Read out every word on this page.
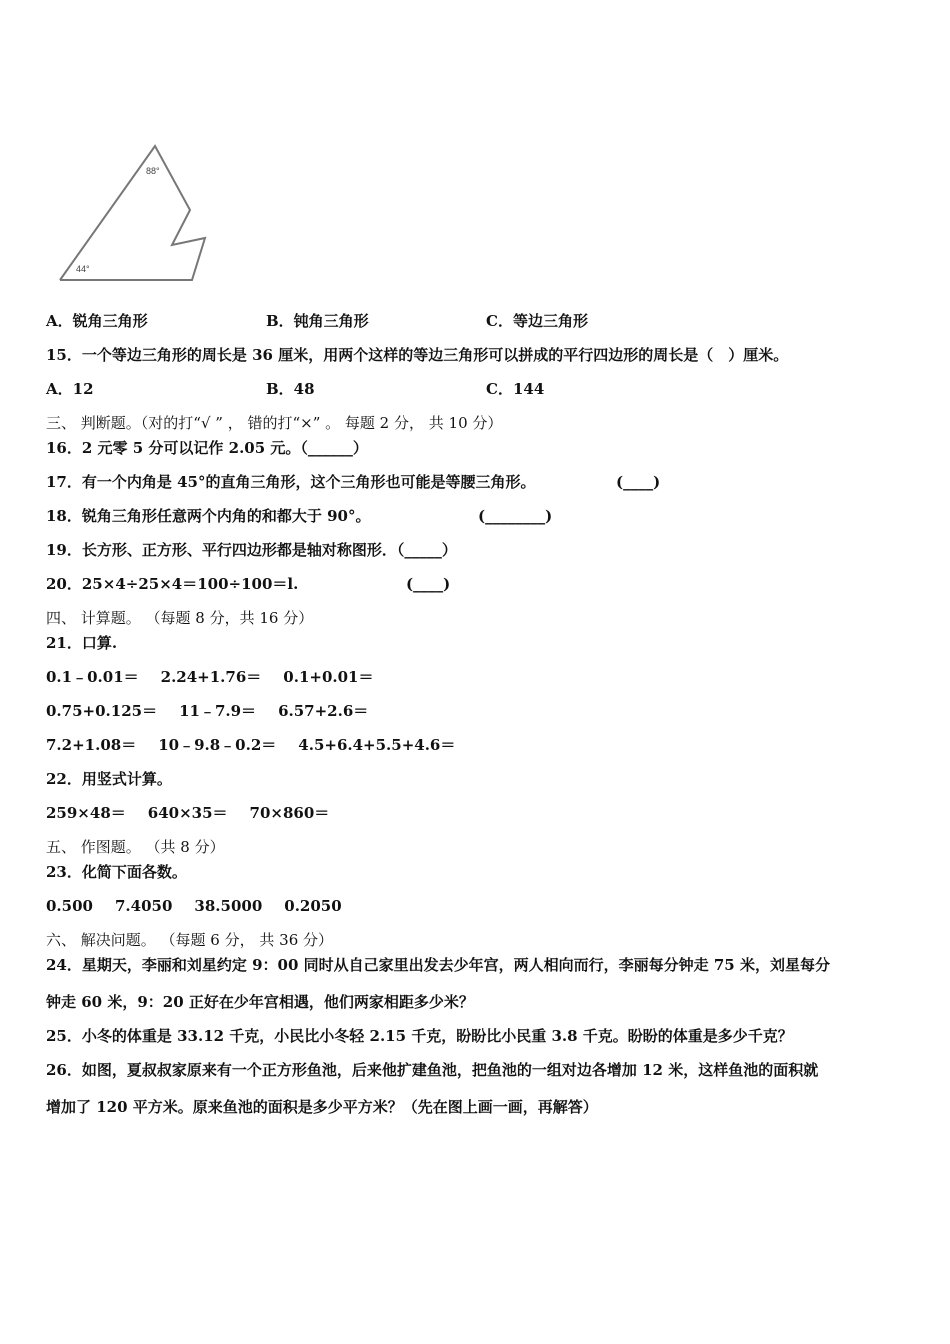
88°
44°
A．锐角三角形	B．钝角三角形	C．等边三角形
15．一个等边三角形的周长是 36 厘米，用两个这样的等边三角形可以拼成的平行四边形的周长是（　）厘米。
A．12	B．48	C．144
三、 判断题。（对的打“√ ” ， 错的打“×” 。 每题 2 分， 共 10 分）
16．2 元零 5 分可以记作 2.05 元。（______）
17．有一个内角是 45°的直角三角形，这个三角形也可能是等腰三角形。	(____)
18．锐角三角形任意两个内角的和都大于 90°。	(________)
19．长方形、正方形、平行四边形都是轴对称图形．（_____）
20．25×4÷25×4＝100÷100＝l.	(____)
四、 计算题。 （每题 8 分，共 16 分）
21．口算.
0.1﹣0.01＝ 2.24+1.76＝ 0.1+0.01＝
0.75+0.125＝ 11﹣7.9＝ 6.57+2.6＝
7.2+1.08＝ 10﹣9.8﹣0.2＝ 4.5+6.4+5.5+4.6＝
22．用竖式计算。
259×48＝ 640×35＝ 70×860＝
五、 作图题。 （共 8 分）
23．化简下面各数。
0.500 7.4050 38.5000 0.2050
六、 解决问题。 （每题 6 分， 共 36 分）
24．星期天，李丽和刘星约定 9：00 同时从自己家里出发去少年宫，两人相向而行，李丽每分钟走 75 米，刘星每分
钟走 60 米，9：20 正好在少年宫相遇，他们两家相距多少米？
25．小冬的体重是 33.12 千克，小民比小冬轻 2.15 千克，盼盼比小民重 3.8 千克。盼盼的体重是多少千克？
26．如图，夏叔叔家原来有一个正方形鱼池，后来他扩建鱼池，把鱼池的一组对边各增加 12 米，这样鱼池的面积就
增加了 120 平方米。原来鱼池的面积是多少平方米？（先在图上画一画，再解答）
